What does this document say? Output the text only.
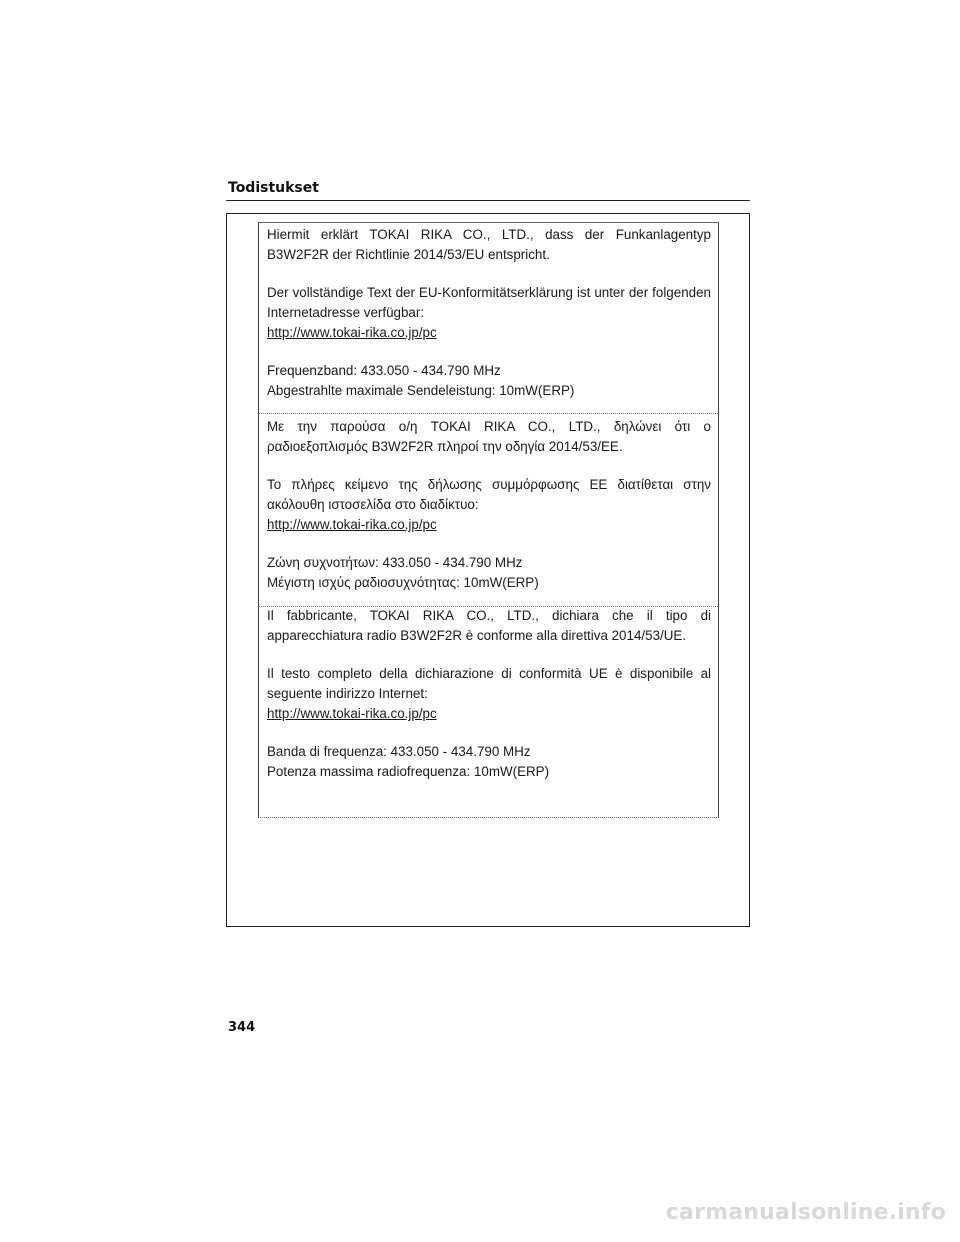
Todistukset

Hiermit erklärt TOKAI RIKA CO., LTD., dass der Funkanlagentyp B3W2F2R der Richtlinie 2014/53/EU entspricht.

Der vollständige Text der EU-Konformitätserklärung ist unter der folgenden Internetadresse verfügbar:

http://www.tokai-rika.co.jp/pc

Frequenzband: 433.050 - 434.790 MHz

Abgestrahlte maximale Sendeleistung: 10mW(ERP)

Με την παρούσα ο/η TOKAI RIKA CO., LTD., δηλώνει ότι ο ραδιοεξοπλισμός B3W2F2R πληροί την οδηγία 2014/53/ΕΕ.

Το πλήρες κείμενο της δήλωσης συμμόρφωσης ΕΕ διατίθεται στην ακόλουθη ιστοσελίδα στο διαδίκτυο:

http://www.tokai-rika.co.jp/pc

Ζώνη συχνοτήτων: 433.050 - 434.790 MHz

Μέγιστη ισχύς ραδιοσυχνότητας: 10mW(ERP)

Il fabbricante, TOKAI RIKA CO., LTD., dichiara che il tipo di apparecchiatura radio B3W2F2R è conforme alla direttiva 2014/53/UE.

Il testo completo della dichiarazione di conformità UE è disponibile al seguente indirizzo Internet:

http://www.tokai-rika.co.jp/pc

Banda di frequenza: 433.050 - 434.790 MHz

Potenza massima radiofrequenza: 10mW(ERP)

344
carmanualsonline.info
